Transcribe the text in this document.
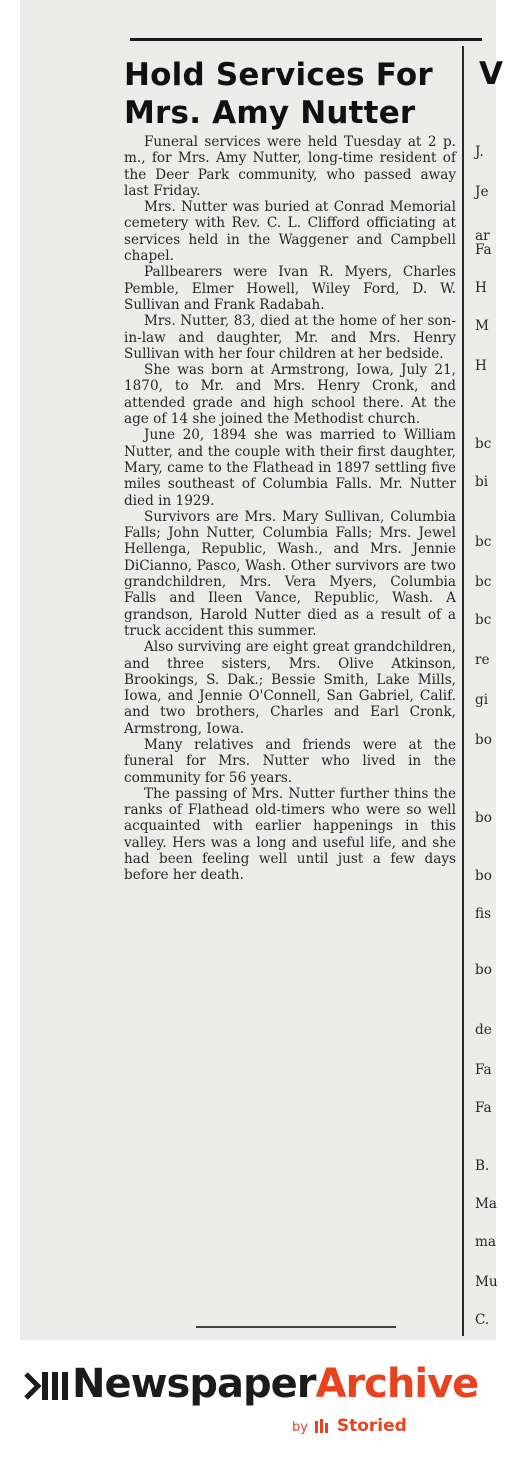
Hold Services For
Mrs. Amy Nutter

Funeral services were held Tuesday at 2 p. m., for Mrs. Amy Nutter, long-time resident of the Deer Park community, who passed away last Friday.

Mrs. Nutter was buried at Conrad Memorial cemetery with Rev. C. L. Clifford officiating at services held in the Waggener and Campbell chapel.

Pallbearers were Ivan R. Myers, Charles Pemble, Elmer Howell, Wiley Ford, D. W. Sullivan and Frank Radabah.

Mrs. Nutter, 83, died at the home of her son-in-law and daughter, Mr. and Mrs. Henry Sullivan with her four children at her bedside.

She was born at Armstrong, Iowa, July 21, 1870, to Mr. and Mrs. Henry Cronk, and attended grade and high school there. At the age of 14 she joined the Methodist church.

June 20, 1894 she was married to William Nutter, and the couple with their first daughter, Mary, came to the Flathead in 1897 settling five miles southeast of Columbia Falls. Mr. Nutter died in 1929.

Survivors are Mrs. Mary Sullivan, Columbia Falls; John Nutter, Columbia Falls; Mrs. Jewel Hellenga, Republic, Wash., and Mrs. Jennie DiCianno, Pasco, Wash. Other survivors are two grandchildren, Mrs. Vera Myers, Columbia Falls and Ileen Vance, Republic, Wash. A grandson, Harold Nutter died as a result of a truck accident this summer.

Also surviving are eight great grandchildren, and three sisters, Mrs. Olive Atkinson, Brookings, S. Dak.; Bessie Smith, Lake Mills, Iowa, and Jennie O'Connell, San Gabriel, Calif. and two brothers, Charles and Earl Cronk, Armstrong, Iowa.

Many relatives and friends were at the funeral for Mrs. Nutter who lived in the community for 56 years.

The passing of Mrs. Nutter further thins the ranks of Flathead old-timers who were so well acquainted with earlier happenings in this valley. Hers was a long and useful life, and she had been feeling well until just a few days before her death.

V
J.
Je
ar
Fa
H
M
H
bc
bi
bc
bc
bc
re
gi
bo
bo
bo
fis
bo
de
Fa
Fa
B.
Ma
ma
Mu
C.
NewspaperArchive
by Storied
